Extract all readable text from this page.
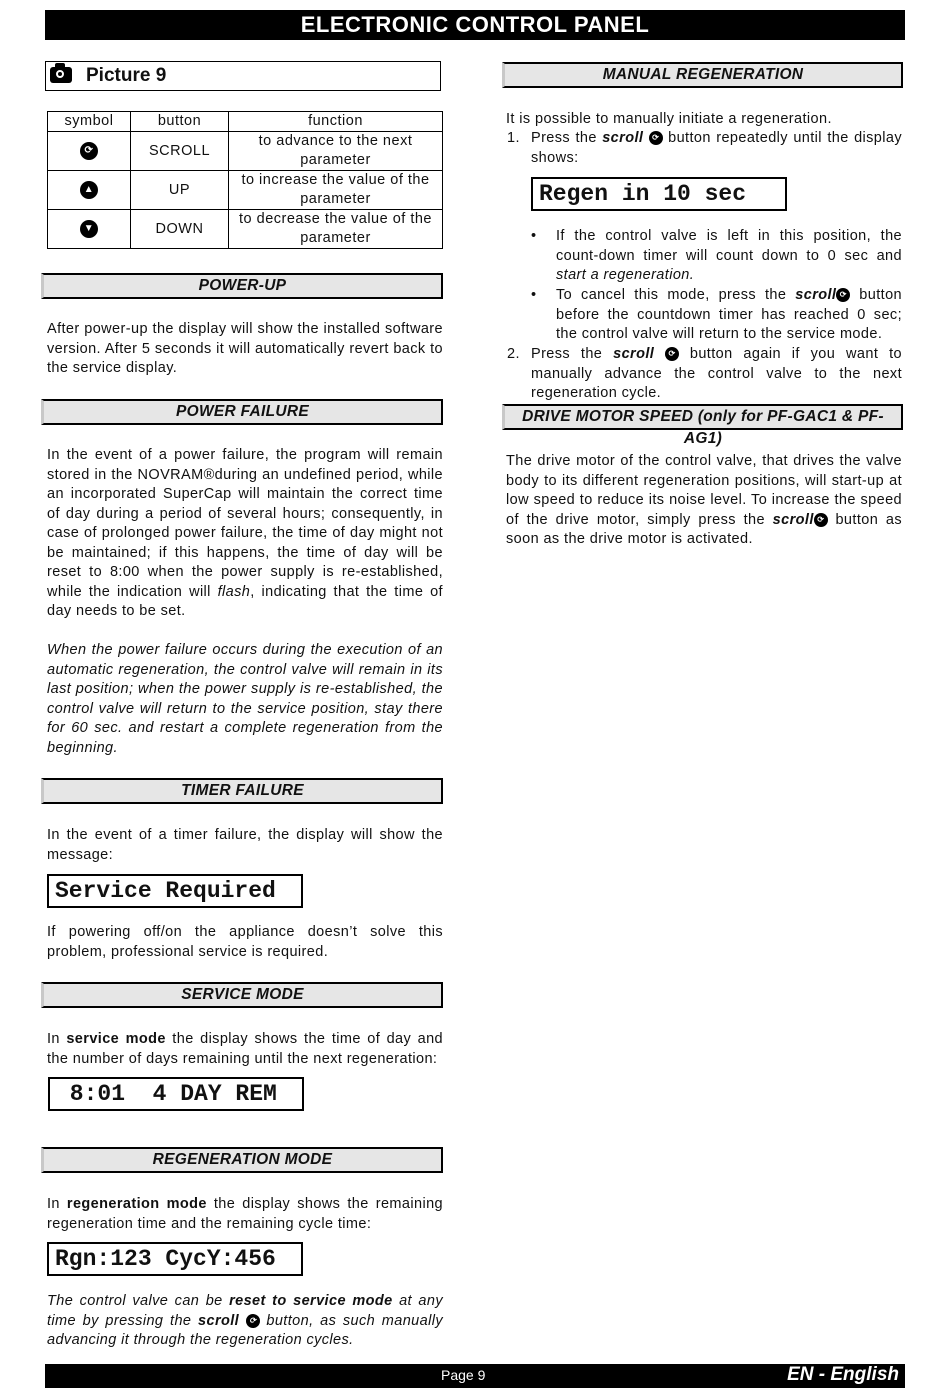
ELECTRONIC CONTROL PANEL
Picture 9
symbol	button	function
⟳	SCROLL	to advance to the next parameter
▲	UP	to increase the value of the parameter
▼	DOWN	to decrease the value of the parameter
POWER-UP
After power-up the display will show the installed software version. After 5 seconds it will automatically revert back to the service display.
POWER FAILURE
In the event of a power failure, the program will remain stored in the NOVRAM®during an undefined period, while an incorporated SuperCap will maintain the correct time of day during a period of several hours; consequently, in case of prolonged power failure, the time of day might not be maintained; if this happens, the time of day will be reset to 8:00 when the power supply is re-established, while the indication will flash, indicating that the time of day needs to be set.
When the power failure occurs during the execution of an automatic regeneration, the control valve will remain in its last position; when the power supply is re-established, the control valve will return to the service position, stay there for 60 sec. and restart a complete regeneration from the beginning.
TIMER FAILURE
In the event of a timer failure, the display will show the message:
Service Required
If powering off/on the appliance doesn’t solve this problem, professional service is required.
SERVICE MODE
In service mode the display shows the time of day and the number of days remaining until the next regeneration:
8:01  4 DAY REM
REGENERATION MODE
In regeneration mode the display shows the remaining regeneration time and the remaining cycle time:
Rgn:123 CycY:456
The control valve can be reset to service mode at any time by pressing the scroll ⟳ button, as such manually advancing it through the regeneration cycles.
MANUAL REGENERATION
It is possible to manually initiate a regeneration.
1. Press the scroll ⟳ button repeatedly until the display shows:
Regen in 10 sec
•	If the control valve is left in this position, the count-down timer will count down to 0 sec and start a regeneration.
•	To cancel this mode, press the scroll ⟳ button before the countdown timer has reached 0 sec; the control valve will return to the service mode.
2. Press the scroll ⟳ button again if you want to manually advance the control valve to the next regeneration cycle.
DRIVE MOTOR SPEED (only for PF-GAC1 & PF-AG1)
The drive motor of the control valve, that drives the valve body to its different regeneration positions, will start-up at low speed to reduce its noise level. To increase the speed of the drive motor, simply press the scroll ⟳ button as soon as the drive motor is activated.
Page 9	EN - English
